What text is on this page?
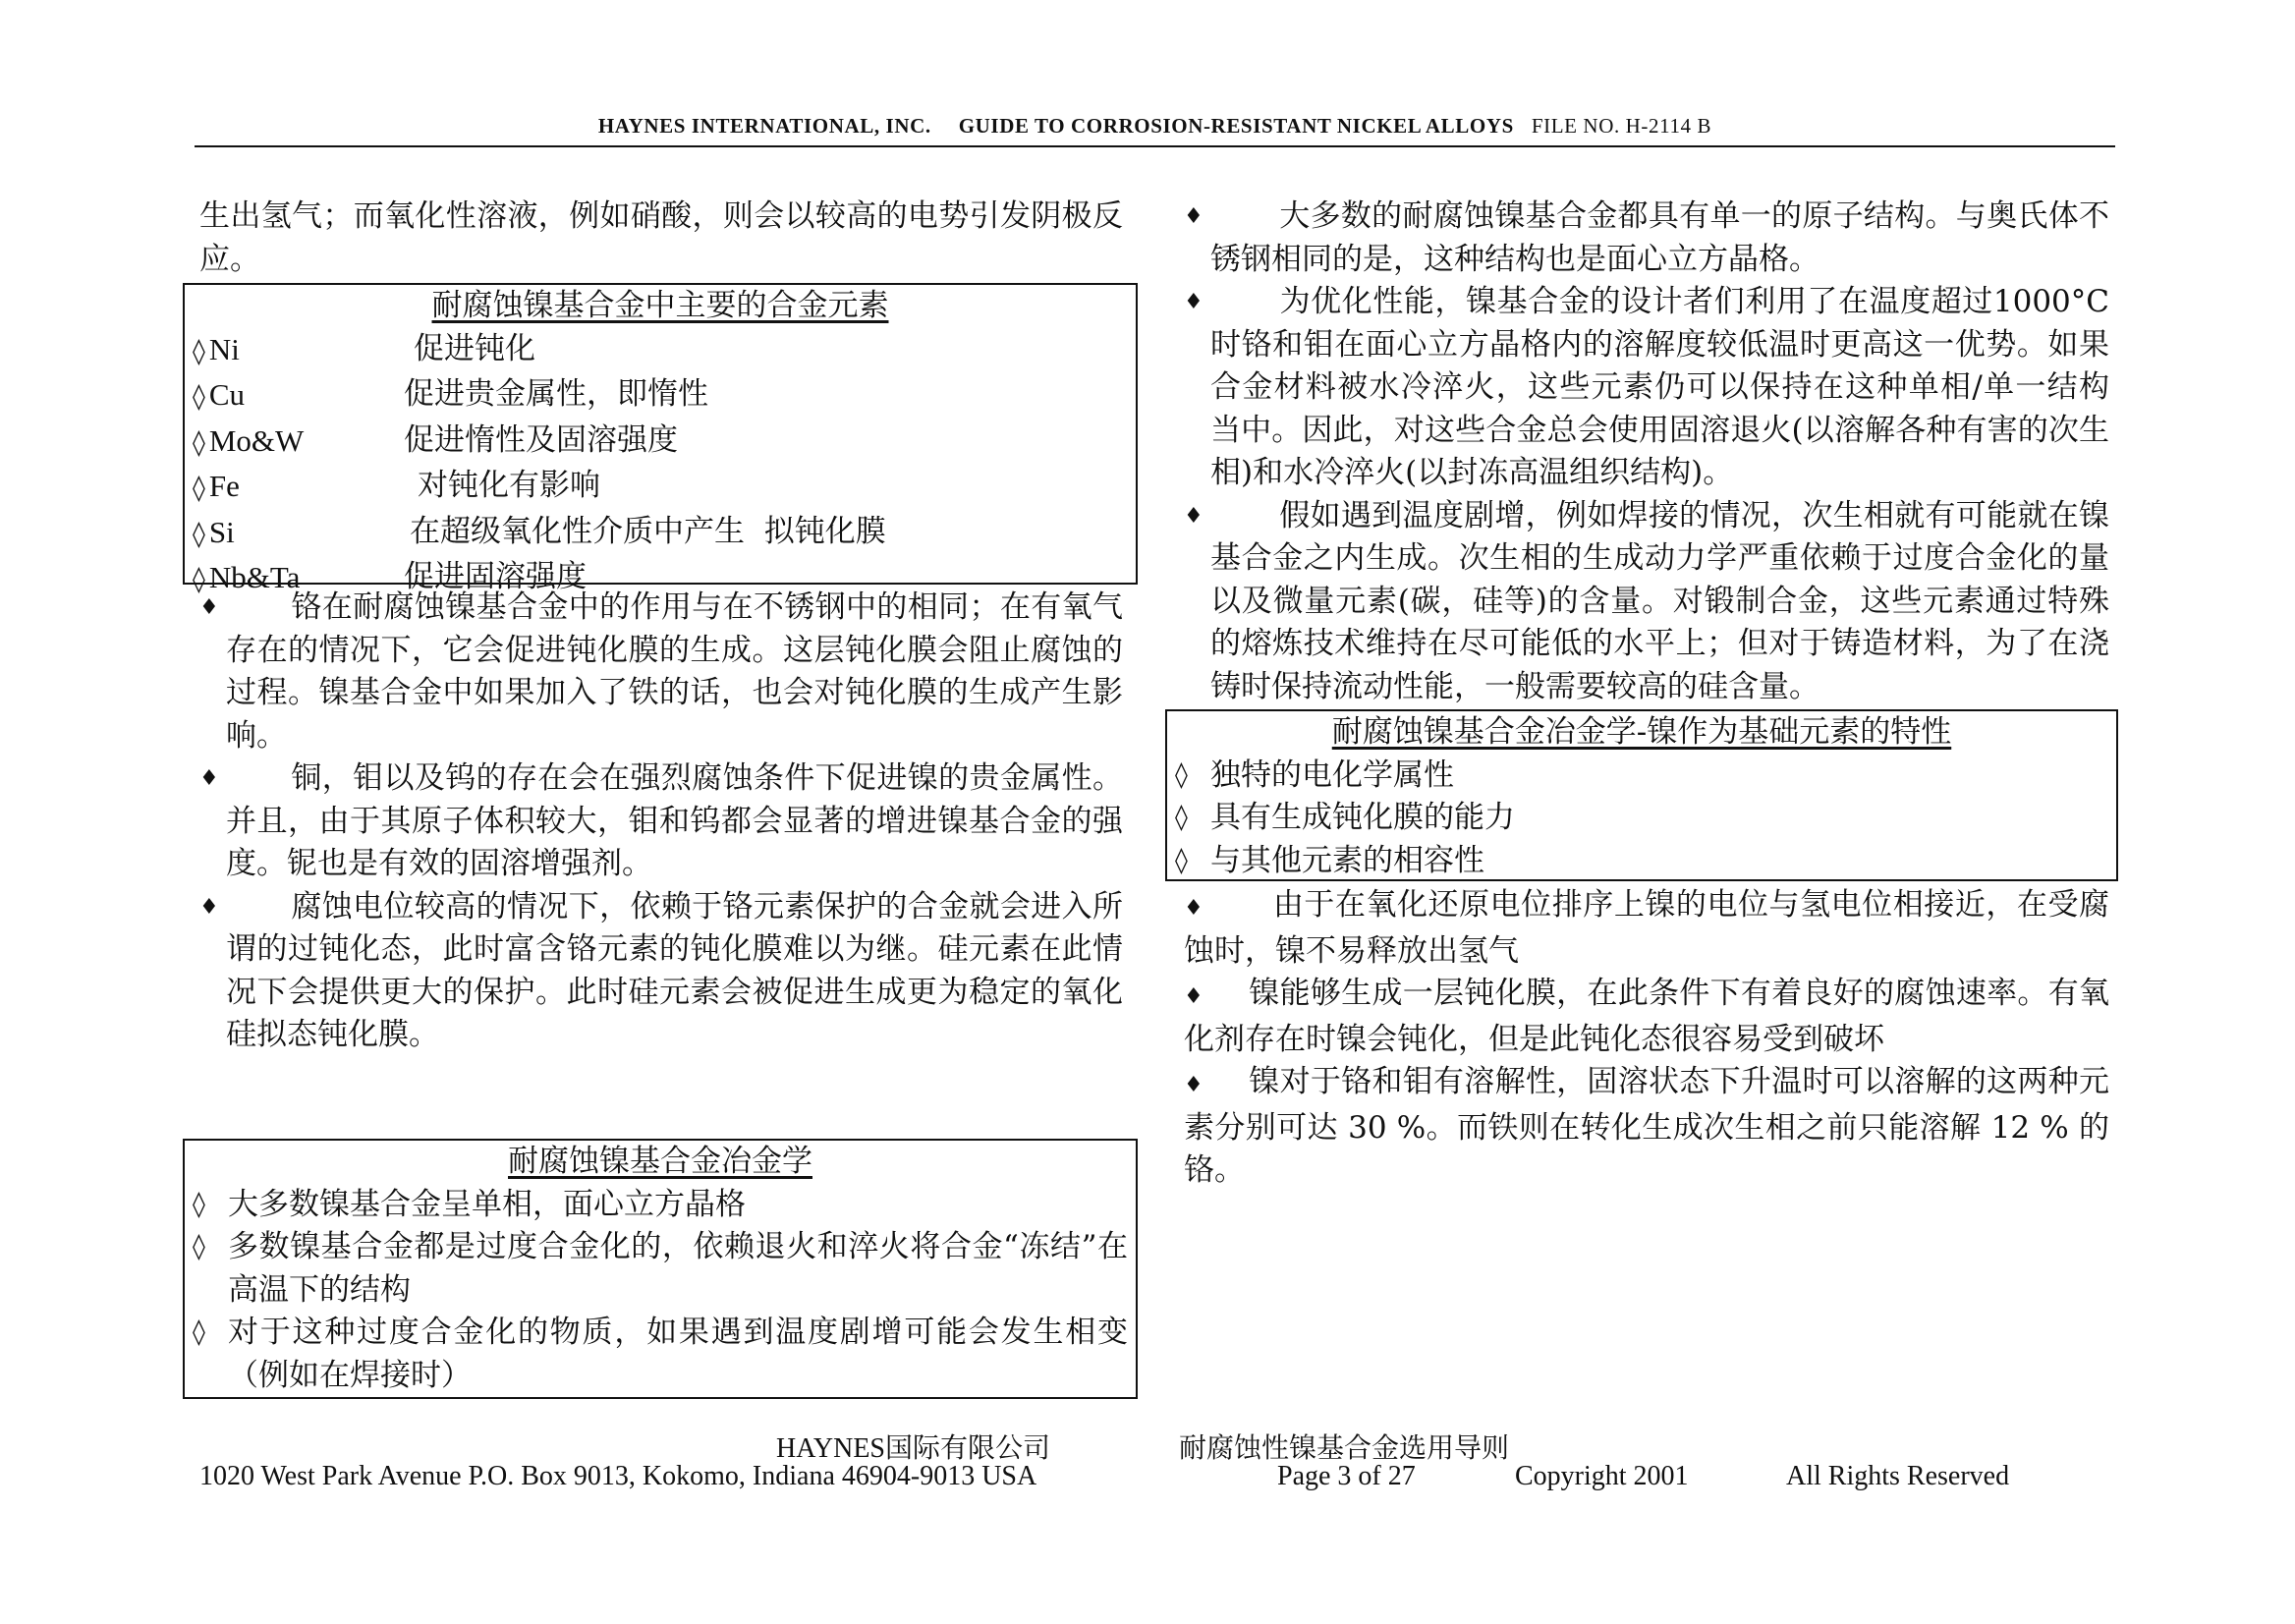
HAYNES INTERNATIONAL, INC. GUIDE TO CORROSION-RESISTANT NICKEL ALLOYS FILE NO. H-2114 B

生出氢气；而氧化性溶液，例如硝酸，则会以较高的电势引发阴极反应。

耐腐蚀镍基合金中主要的合金元素
◊ Ni	促进钝化
◊ Cu	促进贵金属性，即惰性
◊ Mo&W	促进惰性及固溶强度
◊ Fe	对钝化有影响
◊ Si	在超级氧化性介质中产生  拟钝化膜
◊ Nb&Ta	促进固溶强度
♦	铬在耐腐蚀镍基合金中的作用与在不锈钢中的相同；在有氧气存在的情况下，它会促进钝化膜的生成。这层钝化膜会阻止腐蚀的过程。镍基合金中如果加入了铁的话，也会对钝化膜的生成产生影响。
♦	铜，钼以及钨的存在会在强烈腐蚀条件下促进镍的贵金属性。并且，由于其原子体积较大，钼和钨都会显著的增进镍基合金的强度。铌也是有效的固溶增强剂。
♦	腐蚀电位较高的情况下，依赖于铬元素保护的合金就会进入所谓的过钝化态，此时富含铬元素的钝化膜难以为继。硅元素在此情况下会提供更大的保护。此时硅元素会被促进生成更为稳定的氧化硅拟态钝化膜。
耐腐蚀镍基合金冶金学
◊ 大多数镍基合金呈单相，面心立方晶格
◊ 多数镍基合金都是过度合金化的，依赖退火和淬火将合金“冻结”在高温下的结构
◊ 对于这种过度合金化的物质，如果遇到温度剧增可能会发生相变（例如在焊接时）
♦	大多数的耐腐蚀镍基合金都具有单一的原子结构。与奥氏体不锈钢相同的是，这种结构也是面心立方晶格。
♦	为优化性能，镍基合金的设计者们利用了在温度超过1000°C时铬和钼在面心立方晶格内的溶解度较低温时更高这一优势。如果合金材料被水冷淬火，这些元素仍可以保持在这种单相/单一结构 当中。因此，对这些合金总会使用固溶退火(以溶解各种有害的次生相)和水冷淬火(以封冻高温组织结构)。
♦	假如遇到温度剧增，例如焊接的情况，次生相就有可能就在镍基合金之内生成。次生相的生成动力学严重依赖于过度合金化的量以及微量元素(碳，硅等)的含量。对锻制合金，这些元素通过特殊的熔炼技术维持在尽可能低的水平上；但对于铸造材料，为了在浇铸时保持流动性能，一般需要较高的硅含量。
耐腐蚀镍基合金冶金学-镍作为基础元素的特性
◊ 独特的电化学属性
◊ 具有生成钝化膜的能力
◊ 与其他元素的相容性

♦ 由于在氧化还原电位排序上镍的电位与氢电位相接近，在受腐蚀时，镍不易释放出氢气

♦ 镍能够生成一层钝化膜，在此条件下有着良好的腐蚀速率。有氧化剂存在时镍会钝化，但是此钝化态很容易受到破坏

♦ 镍对于铬和钼有溶解性，固溶状态下升温时可以溶解的这两种元素分别可达 30 %。而铁则在转化生成次生相之前只能溶解 12 % 的铬。

HAYNES国际有限公司	耐腐蚀性镍基合金选用导则
1020 West Park Avenue P.O. Box 9013, Kokomo, Indiana 46904-9013 USA	Page 3 of 27	Copyright 2001	All Rights Reserved
